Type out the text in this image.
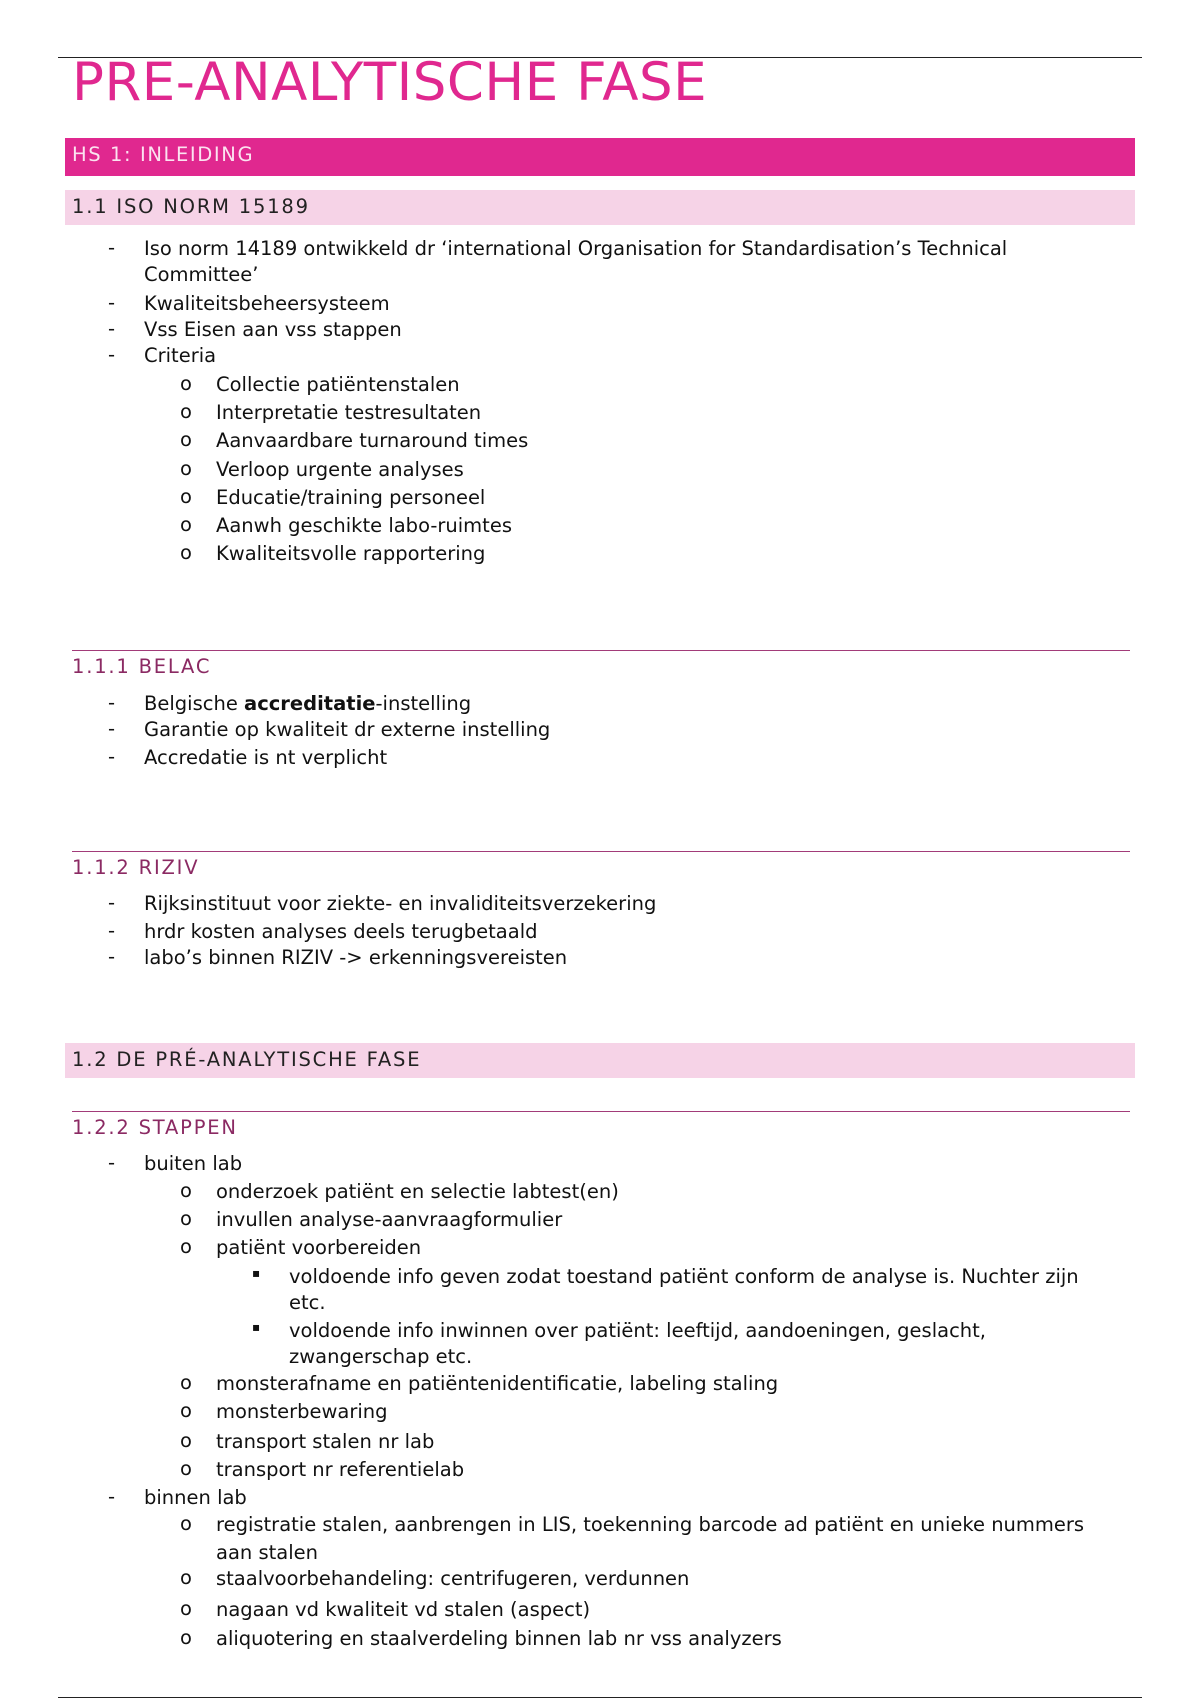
PRE-ANALYTISCHE FASE
HS 1: INLEIDING
1.1 ISO NORM 15189
- Iso norm 14189 ontwikkeld dr ‘international Organisation for Standardisation’s Technical
Committee’
- Kwaliteitsbeheersysteem
- Vss Eisen aan vss stappen
- Criteria
o Collectie patiëntenstalen
o Interpretatie testresultaten
o Aanvaardbare turnaround times
o Verloop urgente analyses
o Educatie/training personeel
o Aanwh geschikte labo-ruimtes
o Kwaliteitsvolle rapportering
1.1.1 BELAC
- Belgische accreditatie-instelling
- Garantie op kwaliteit dr externe instelling
- Accredatie is nt verplicht
1.1.2 RIZIV
- Rijksinstituut voor ziekte- en invaliditeitsverzekering
- hrdr kosten analyses deels terugbetaald
- labo’s binnen RIZIV -> erkenningsvereisten
1.2 DE PRÉ-ANALYTISCHE FASE
1.2.2 STAPPEN
- buiten lab
o onderzoek patiënt en selectie labtest(en)
o invullen analyse-aanvraagformulier
o patiënt voorbereiden
▪ voldoende info geven zodat toestand patiënt conform de analyse is. Nuchter zijn
etc.
▪ voldoende info inwinnen over patiënt: leeftijd, aandoeningen, geslacht,
zwangerschap etc.
o monsterafname en patiëntenidentificatie, labeling staling
o monsterbewaring
o transport stalen nr lab
o transport nr referentielab
- binnen lab
o registratie stalen, aanbrengen in LIS, toekenning barcode ad patiënt en unieke nummers
aan stalen
o staalvoorbehandeling: centrifugeren, verdunnen
o nagaan vd kwaliteit vd stalen (aspect)
o aliquotering en staalverdeling binnen lab nr vss analyzers
